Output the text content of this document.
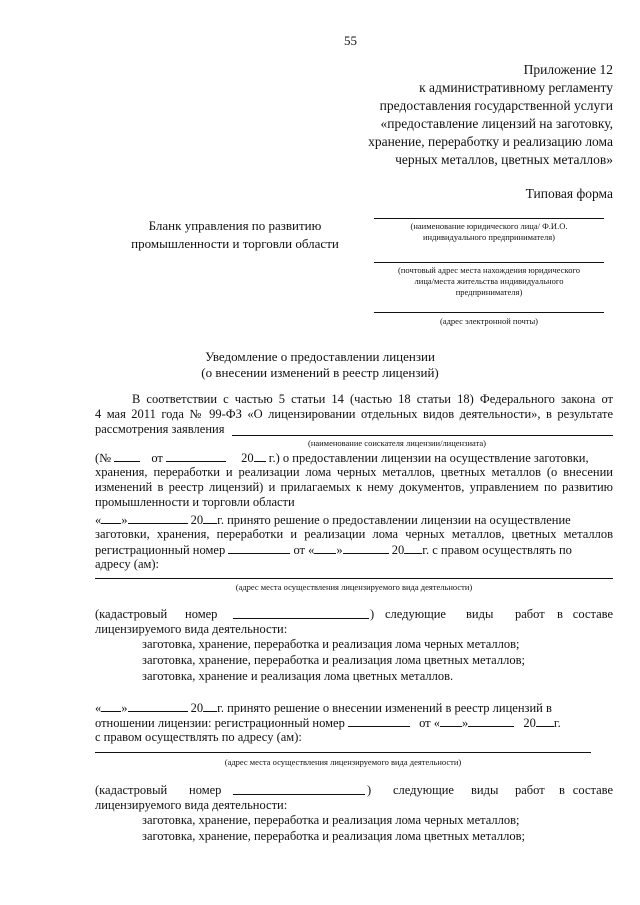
55
Приложение 12
к административному регламенту
предоставления государственной услуги
«предоставление лицензий на заготовку,
хранение, переработку и реализацию лома
черных металлов, цветных металлов»
Типовая форма
Бланк управления по развитию
промышленности и торговли области
(наименование юридического лица/ Ф.И.О.
индивидуального предпринимателя)
(почтовый адрес места нахождения юридического
лица/места жительства индивидуального
предпринимателя)
(адрес электронной почты)
Уведомление о предоставлении лицензии
(о внесении изменений в реестр лицензий)
В соответствии с частью 5 статьи 14 (частью 18 статьи 18) Федерального закона от
4 мая 2011 года № 99-ФЗ «О лицензировании отдельных видов деятельности», в результате
рассмотрения заявления
(наименование соискателя лицензии/лицензиата)
(№	от	20 г.) о предоставлении лицензии на осуществление заготовки,
хранения, переработки и реализации лома черных металлов, цветных металлов (о внесении
изменений в реестр лицензий) и прилагаемых к нему документов, управлением по развитию
промышленности и торговли области
« »	20 г. принято решение о предоставлении лицензии на осуществление
заготовки, хранения, переработки и реализации лома черных металлов, цветных металлов
регистрационный номер	от « »	20 г. с правом осуществлять по
адресу (ам):
(адрес места осуществления лицензируемого вида деятельности)
(кадастровый номер	) следующие виды работ в составе
лицензируемого вида деятельности:
заготовка, хранение, переработка и реализация лома черных металлов;
заготовка, хранение, переработка и реализация лома цветных металлов;
заготовка, хранение и реализация лома цветных металлов.
« »	20 г. принято решение о внесении изменений в реестр лицензий в
отношении лицензии: регистрационный номер	от « »	20 г.
с правом осуществлять по адресу (ам):
(адрес места осуществления лицензируемого вида деятельности)
(кадастровый номер	) следующие виды работ в составе
лицензируемого вида деятельности:
заготовка, хранение, переработка и реализация лома черных металлов;
заготовка, хранение, переработка и реализация лома цветных металлов;
